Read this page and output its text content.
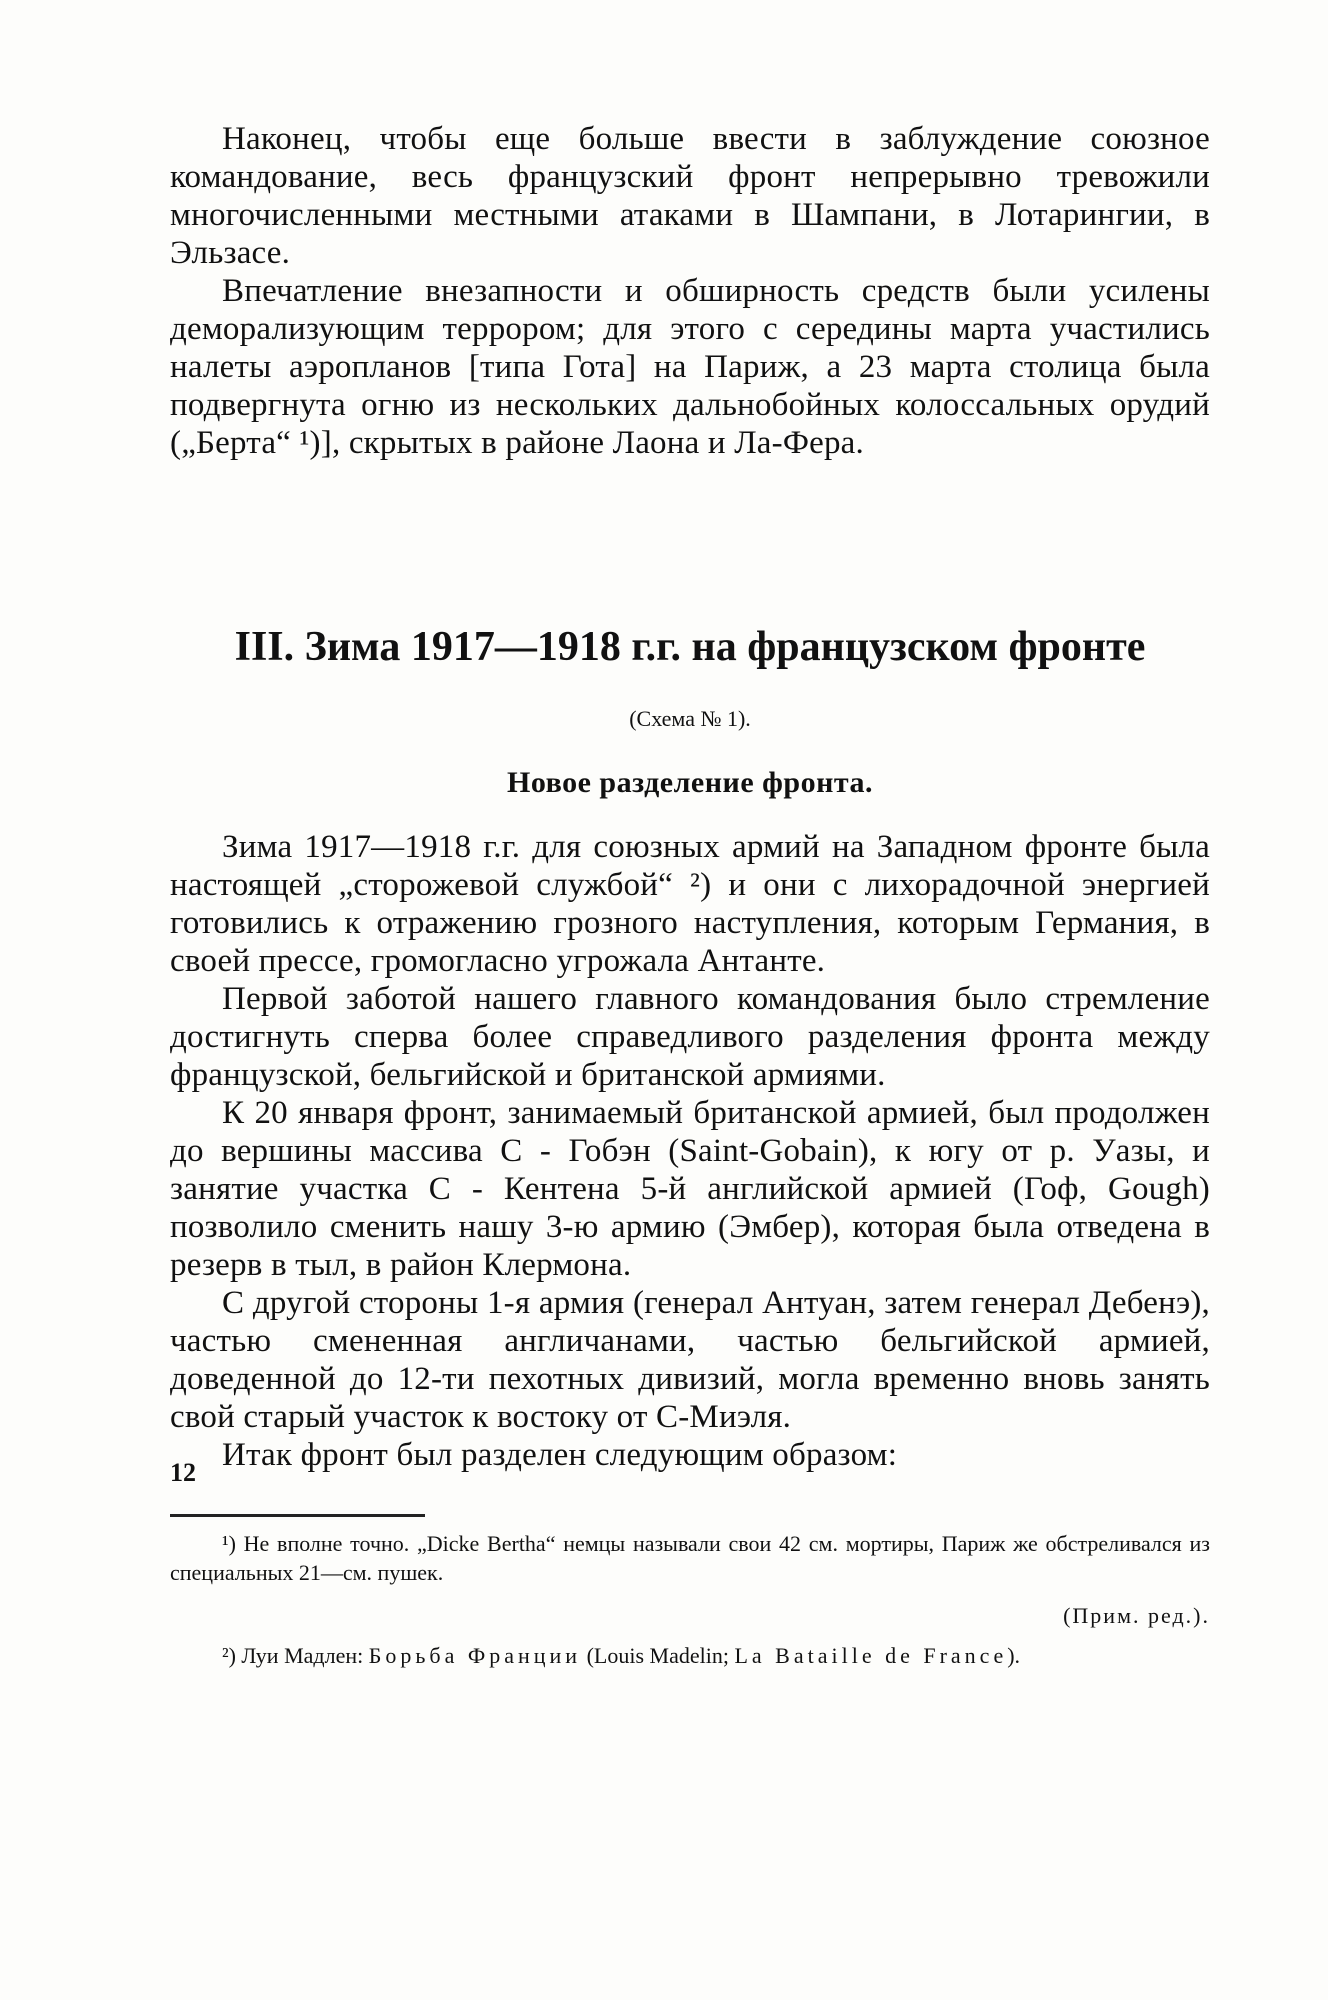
Наконец, чтобы еще больше ввести в заблуждение союзное командование, весь французский фронт непрерывно тревожили многочисленными местными атаками в Шампани, в Лотарингии, в Эльзасе.

Впечатление внезапности и обширность средств были усилены деморализующим террором; для этого с середины марта участились налеты аэропланов [типа Гота] на Париж, а 23 марта столица была подвергнута огню из нескольких дальнобойных колоссальных орудий („Берта“ ¹)], скрытых в районе Лаона и Ла-Фера.

III. Зима 1917—1918 г.г. на французском фронте
(Схема № 1).
Новое разделение фронта.

Зима 1917—1918 г.г. для союзных армий на Западном фронте была настоящей „сторожевой службой“ ²) и они с лихорадочной энергией готовились к отражению грозного наступления, которым Германия, в своей прессе, громогласно угрожала Антанте.

Первой заботой нашего главного командования было стремление достигнуть сперва более справедливого разделения фронта между французской, бельгийской и британской армиями.

К 20 января фронт, занимаемый британской армией, был продолжен до вершины массива С - Гобэн (Saint-Gobain), к югу от р. Уазы, и занятие участка С - Кентена 5-й английской армией (Гоф, Gough) позволило сменить нашу 3-ю армию (Эмбер), которая была отведена в резерв в тыл, в район Клермона.

С другой стороны 1-я армия (генерал Антуан, затем генерал Дебенэ), частью смененная англичанами, частью бельгийской армией, доведенной до 12-ти пехотных дивизий, могла временно вновь занять свой старый участок к востоку от С-Миэля.

Итак фронт был разделен следующим образом:

¹) Не вполне точно. „Dicke Bertha“ немцы называли свои 42 см. мортиры, Париж же обстреливался из специальных 21—см. пушек.

(Прим. ред.).

²) Луи Мадлен: Борьба Франции (Louis Madelin; La Bataille de France).

12
